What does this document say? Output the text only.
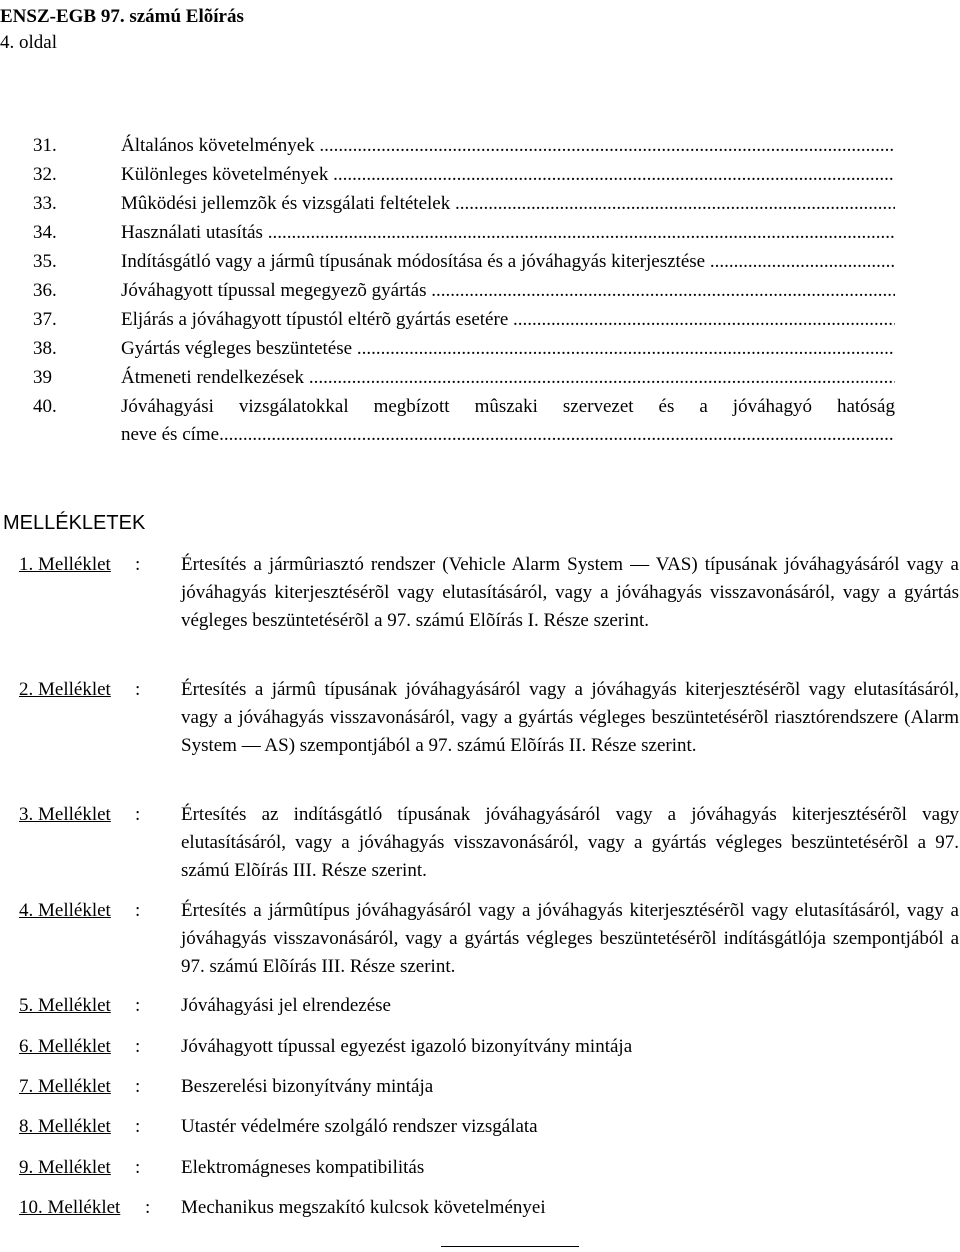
ENSZ-EGB 97. számú Elõírás
4. oldal
31.	Általános követelmények .....
32.	Különleges követelmények .....
33.	Mûködési jellemzõk és vizsgálati feltételek .....
34.	Használati utasítás .....
35.	Indításgátló vagy a jármû típusának módosítása és a jóváhagyás kiterjesztése .....
36.	Jóváhagyott típussal megegyezõ gyártás .....
37.	Eljárás a jóváhagyott típustól eltérõ gyártás esetére .....
38.	Gyártás végleges beszüntetése .....
39	Átmeneti rendelkezések .....
40.	Jóváhagyási vizsgálatokkal megbízott mûszaki szervezet és a jóváhagyó hatóság
neve és címe .....
MELLÉKLETEK
1. Melléklet : Értesítés a jármûriasztó rendszer (Vehicle Alarm System — VAS) típusának jóváhagyásáról vagy a jóváhagyás kiterjesztésérõl vagy elutasításáról, vagy a jóváhagyás visszavonásáról, vagy a gyártás végleges beszüntetésérõl a 97. számú Elõírás I. Része szerint.
2. Melléklet : Értesítés a jármû típusának jóváhagyásáról vagy a jóváhagyás kiterjesztésérõl vagy elutasításáról, vagy a jóváhagyás visszavonásáról, vagy a gyártás végleges beszüntetésérõl riasztórendszere (Alarm System — AS) szempontjából a 97. számú Elõírás II. Része szerint.
3. Melléklet : Értesítés az indításgátló típusának jóváhagyásáról vagy a jóváhagyás kiterjesztésérõl vagy elutasításáról, vagy a jóváhagyás visszavonásáról, vagy a gyártás végleges beszüntetésérõl a 97. számú Elõírás III. Része szerint.
4. Melléklet : Értesítés a jármûtípus jóváhagyásáról vagy a jóváhagyás kiterjesztésérõl vagy elutasításáról, vagy a jóváhagyás visszavonásáról, vagy a gyártás végleges beszüntetésérõl indításgátlója szempontjából a 97. számú Elõírás III. Része szerint.
5. Melléklet : Jóváhagyási jel elrendezése
6. Melléklet : Jóváhagyott típussal egyezést igazoló bizonyítvány mintája
7. Melléklet : Beszerelési bizonyítvány mintája
8. Melléklet : Utastér védelmére szolgáló rendszer vizsgálata
9. Melléklet : Elektromágneses kompatibilitás
10. Melléklet : Mechanikus megszakító kulcsok követelményei
